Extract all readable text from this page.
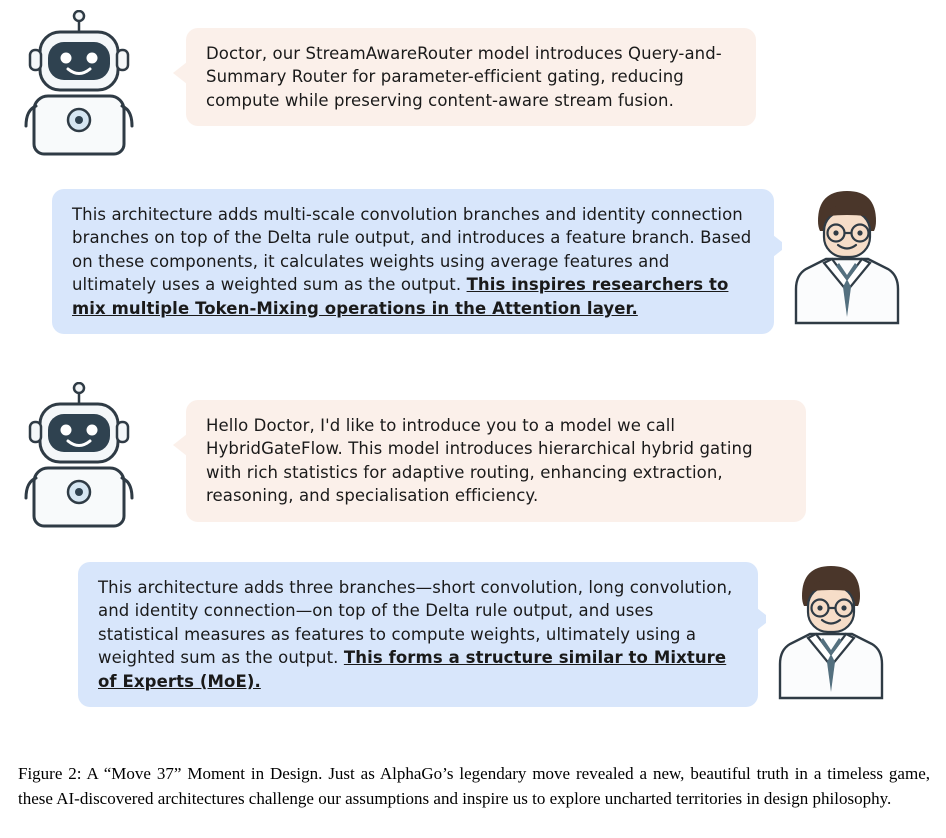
Doctor, our StreamAwareRouter model introduces Query-and-Summary Router for parameter-efficient gating, reducing compute while preserving content-aware stream fusion.

This architecture adds multi-scale convolution branches and identity connection branches on top of the Delta rule output, and introduces a feature branch. Based on these components, it calculates weights using average features and ultimately uses a weighted sum as the output. This inspires researchers to mix multiple Token-Mixing operations in the Attention layer.

Hello Doctor, I'd like to introduce you to a model we call HybridGateFlow. This model introduces hierarchical hybrid gating with rich statistics for adaptive routing, enhancing extraction, reasoning, and specialisation efficiency.

This architecture adds three branches—short convolution, long convolution, and identity connection—on top of the Delta rule output, and uses statistical measures as features to compute weights, ultimately using a weighted sum as the output. This forms a structure similar to Mixture of Experts (MoE).

Figure 2: A “Move 37” Moment in Design. Just as AlphaGo’s legendary move revealed a new, beautiful truth in a timeless game, these AI-discovered architectures challenge our assumptions and inspire us to explore uncharted territories in design philosophy.
